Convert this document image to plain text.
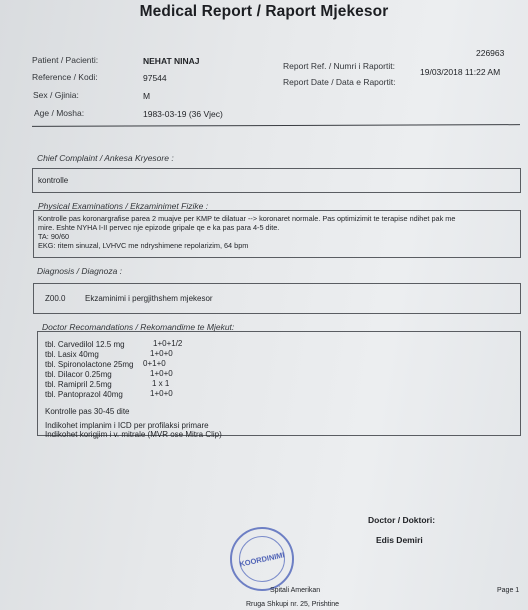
Medical Report / Raport Mjekesor
Patient / Pacienti:	NEHAT NINAJ
Reference / Kodi:	97544
Sex / Gjinia:	M
Age / Mosha:	1983-03-19 (36 Vjec)
Report Ref. / Numri i Raportit:
226963
Report Date / Data e Raportit:
19/03/2018 11:22 AM
Chief Complaint / Ankesa Kryesore :
kontrolle
Physical Examinations / Ekzaminimet Fizike :
Kontrolle pas koronargrafise parea 2 muajve per KMP te dilatuar --> koronaret normale. Pas optimizimit te terapise ndihet pak me
mire. Eshte NYHA I-II pervec nje epizode gripale qe e ka pas para 4-5 dite.
TA: 90/60
EKG: ritem sinuzal, LVHVC me ndryshimene repolarizim, 64 bpm
Diagnosis / Diagnoza :
Z00.0 Ekzaminimi i pergjithshem mjekesor
Doctor Recomandations / Rekomandime te Mjekut:
tbl. Carvedilol 12.5 mg	1+0+1/2
tbl. Lasix 40mg	1+0+0
tbl. Spironolactone 25mg 0+1+0
tbl. Dilacor 0.25mg	1+0+0
tbl. Ramipril 2.5mg	1 x 1
tbl. Pantoprazol 40mg	1+0+0
Kontrolle pas 30-45 dite
Indikohet implanim i ICD per profilaksi primare
Indikohet korigjim i v. mitrale (MVR ose Mitra Clip)
Doctor / Doktori:
Edis Demiri
KOORDINIMI
Spitali Amerikan
Rruga Shkupi nr. 25, Prishtine
Page 1
